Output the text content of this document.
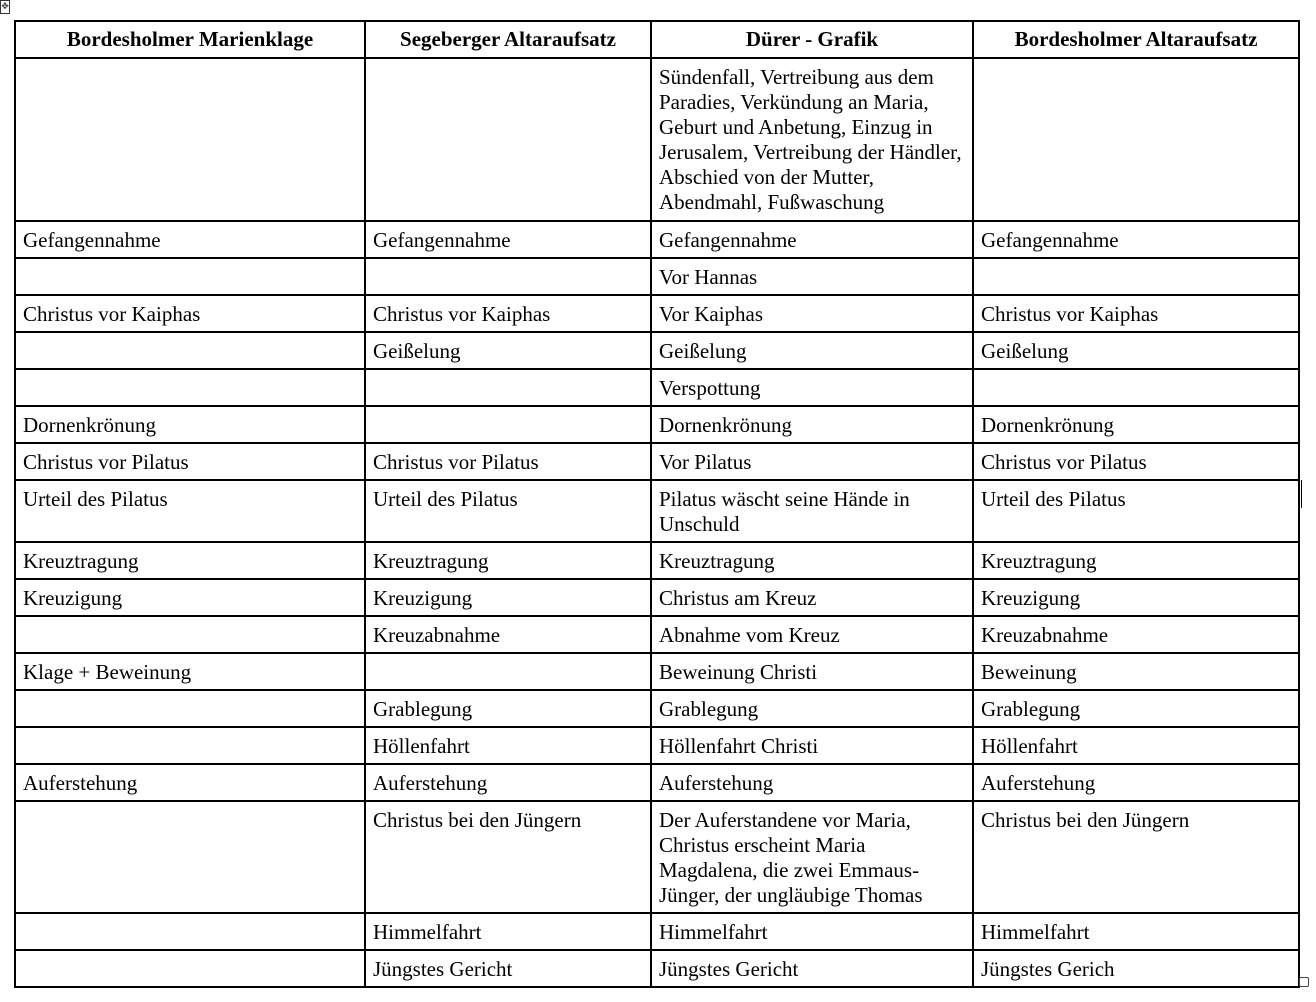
✥
Bordesholmer Marienklage	Segeberger Altaraufsatz	Dürer - Grafik	Bordesholmer Altaraufsatz
		Sündenfall, Vertreibung aus dem Paradies, Verkündung an Maria, Geburt und Anbetung, Einzug in Jerusalem, Vertreibung der Händler, Abschied von der Mutter, Abendmahl, Fußwaschung	
Gefangennahme	Gefangennahme	Gefangennahme	Gefangennahme
		Vor Hannas	
Christus vor Kaiphas	Christus vor Kaiphas	Vor Kaiphas	Christus vor Kaiphas
	Geißelung	Geißelung	Geißelung
		Verspottung	
Dornenkrönung		Dornenkrönung	Dornenkrönung
Christus vor Pilatus	Christus vor Pilatus	Vor Pilatus	Christus vor Pilatus
Urteil des Pilatus	Urteil des Pilatus	Pilatus wäscht seine Hände in Unschuld	Urteil des Pilatus
Kreuztragung	Kreuztragung	Kreuztragung	Kreuztragung
Kreuzigung	Kreuzigung	Christus am Kreuz	Kreuzigung
	Kreuzabnahme	Abnahme vom Kreuz	Kreuzabnahme
Klage + Beweinung		Beweinung Christi	Beweinung
	Grablegung	Grablegung	Grablegung
	Höllenfahrt	Höllenfahrt Christi	Höllenfahrt
Auferstehung	Auferstehung	Auferstehung	Auferstehung
	Christus bei den Jüngern	Der Auferstandene vor Maria, Christus erscheint Maria Magdalena, die zwei Emmaus-Jünger, der ungläubige Thomas	Christus bei den Jüngern
	Himmelfahrt	Himmelfahrt	Himmelfahrt
	Jüngstes Gericht	Jüngstes Gericht	Jüngstes Gerich
